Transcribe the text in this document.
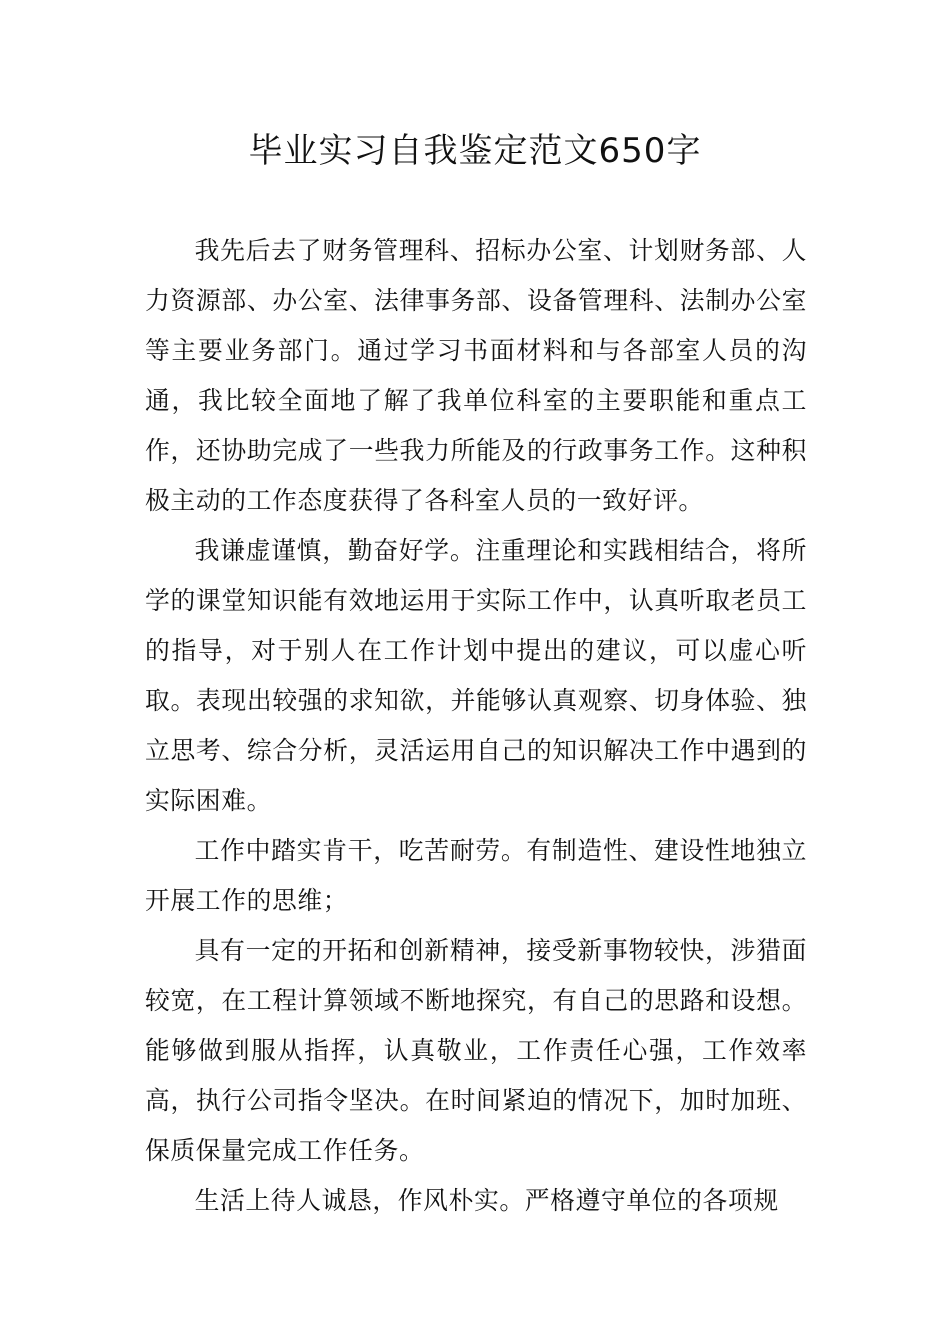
毕业实习自我鉴定范文650字

我先后去了财务管理科、招标办公室、计划财务部、人力资源部、办公室、法律事务部、设备管理科、法制办公室等主要业务部门。通过学习书面材料和与各部室人员的沟通，我比较全面地了解了我单位科室的主要职能和重点工作，还协助完成了一些我力所能及的行政事务工作。这种积极主动的工作态度获得了各科室人员的一致好评。

我谦虚谨慎，勤奋好学。注重理论和实践相结合，将所学的课堂知识能有效地运用于实际工作中，认真听取老员工的指导，对于别人在工作计划中提出的建议，可以虚心听取。表现出较强的求知欲，并能够认真观察、切身体验、独立思考、综合分析，灵活运用自己的知识解决工作中遇到的实际困难。

工作中踏实肯干，吃苦耐劳。有制造性、建设性地独立开展工作的思维；

具有一定的开拓和创新精神，接受新事物较快，涉猎面较宽，在工程计算领域不断地探究，有自己的思路和设想。能够做到服从指挥，认真敬业，工作责任心强，工作效率高，执行公司指令坚决。在时间紧迫的情况下，加时加班、保质保量完成工作任务。

生活上待人诚恳，作风朴实。严格遵守单位的各项规
